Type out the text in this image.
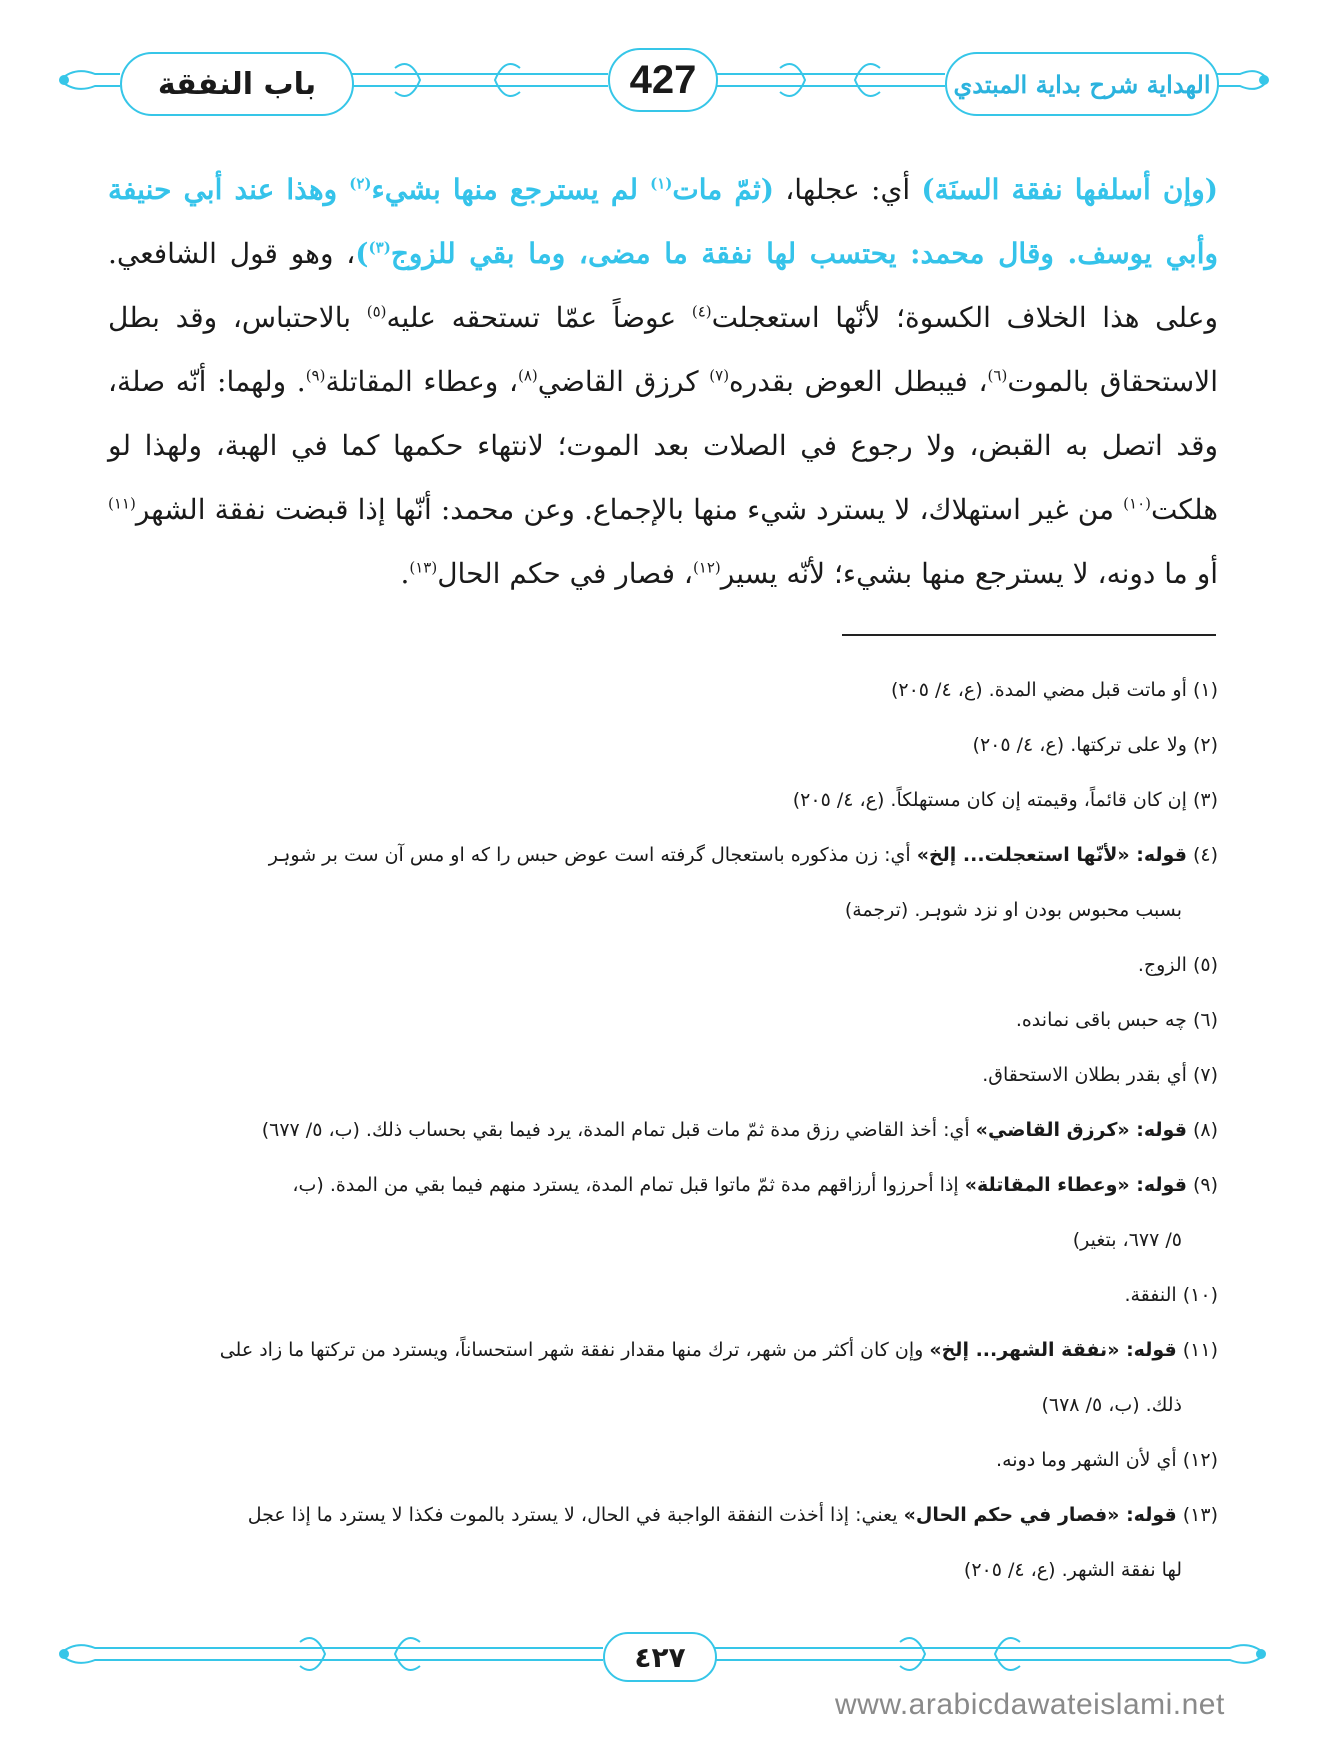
باب النفقة	427	الهداية شرح بداية المبتدي

(وإن أسلفها نفقة السنَة) أي: عجلها، (ثمّ مات$^{(١)}$ لم يسترجع منها بشيء$^{(٢)}$ وهذا عند أبي حنيفة وأبي يوسف. وقال محمد: يحتسب لها نفقة ما مضى، وما بقي للزوج$^{(٣)}$)، وهو قول الشافعي. وعلى هذا الخلاف الكسوة؛ لأنّها استعجلت$^{(٤)}$ عوضاً عمّا تستحقه عليه$^{(٥)}$ بالاحتباس، وقد بطل الاستحقاق بالموت$^{(٦)}$، فيبطل العوض بقدره$^{(٧)}$ كرزق القاضي$^{(٨)}$، وعطاء المقاتلة$^{(٩)}$. ولهما: أنّه صلة، وقد اتصل به القبض، ولا رجوع في الصلات بعد الموت؛ لانتهاء حكمها كما في الهبة، ولهذا لو هلكت$^{(١٠)}$ من غير استهلاك، لا يسترد شيء منها بالإجماع. وعن محمد: أنّها إذا قبضت نفقة الشهر$^{(١١)}$ أو ما دونه، لا يسترجع منها بشيء؛ لأنّه يسير$^{(١٢)}$، فصار في حكم الحال$^{(١٣)}$.

(١) أو ماتت قبل مضي المدة. (ع، ٤/ ٢٠٥)

(٢) ولا على تركتها. (ع، ٤/ ٢٠٥)

(٣) إن كان قائماً، وقيمته إن كان مستهلكاً. (ع، ٤/ ٢٠٥)

(٤) قوله: «لأنّها استعجلت... إلخ» أي: زن مذكوره باستعجال گرفته است عوض حبس را كه او مس آن ست بر شوہر

بسبب محبوس بودن او نزد شوہر. (ترجمة)

(٥) الزوج.

(٦) چه حبس باقى نمانده.

(٧) أي بقدر بطلان الاستحقاق.

(٨) قوله: «كرزق القاضي» أي: أخذ القاضي رزق مدة ثمّ مات قبل تمام المدة، يرد فيما بقي بحساب ذلك. (ب، ٥/ ٦٧٧)

(٩) قوله: «وعطاء المقاتلة» إذا أحرزوا أرزاقهم مدة ثمّ ماتوا قبل تمام المدة، يسترد منهم فيما بقي من المدة. (ب،

٥/ ٦٧٧، بتغير)

(١٠) النفقة.

(١١) قوله: «نفقة الشهر... إلخ» وإن كان أكثر من شهر، ترك منها مقدار نفقة شهر استحساناً، ويسترد من تركتها ما زاد على

ذلك. (ب، ٥/ ٦٧٨)

(١٢) أي لأن الشهر وما دونه.

(١٣) قوله: «فصار في حكم الحال» يعني: إذا أخذت النفقة الواجبة في الحال، لا يسترد بالموت فكذا لا يسترد ما إذا عجل

لها نفقة الشهر. (ع، ٤/ ٢٠٥)

٤٢٧
www.arabicdawateislami.net
